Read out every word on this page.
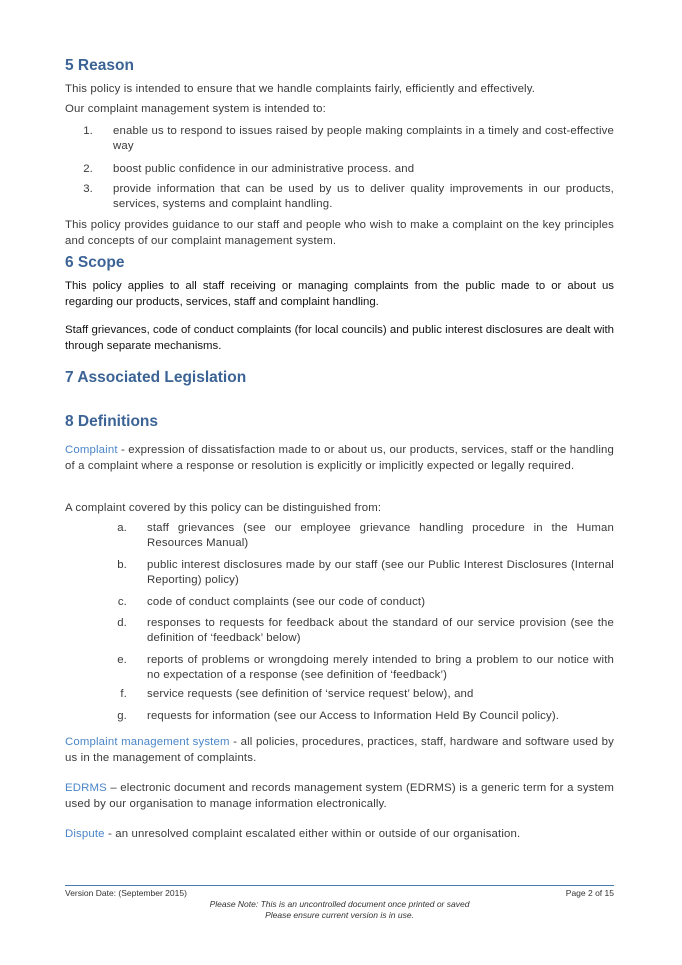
5 Reason
This policy is intended to ensure that we handle complaints fairly, efficiently and effectively.
Our complaint management system is intended to:
1. enable us to respond to issues raised by people making complaints in a timely and cost-effective way
2. boost public confidence in our administrative process. and
3. provide information that can be used by us to deliver quality improvements in our products, services, systems and complaint handling.
This policy provides guidance to our staff and people who wish to make a complaint on the key principles and concepts of our complaint management system.
6 Scope
This policy applies to all staff receiving or managing complaints from the public made to or about us regarding our products, services, staff and complaint handling.
Staff grievances, code of conduct complaints (for local councils) and public interest disclosures are dealt with through separate mechanisms.
7 Associated Legislation
8 Definitions
Complaint - expression of dissatisfaction made to or about us, our products, services, staff or the handling of a complaint where a response or resolution is explicitly or implicitly expected or legally required.
A complaint covered by this policy can be distinguished from:
a. staff grievances (see our employee grievance handling procedure in the Human Resources Manual)
b. public interest disclosures made by our staff (see our Public Interest Disclosures (Internal Reporting) policy)
c. code of conduct complaints (see our code of conduct)
d. responses to requests for feedback about the standard of our service provision (see the definition of ‘feedback’ below)
e. reports of problems or wrongdoing merely intended to bring a problem to our notice with no expectation of a response (see definition of ‘feedback’)
f. service requests (see definition of ‘service request’ below), and
g. requests for information (see our Access to Information Held By Council policy).
Complaint management system - all policies, procedures, practices, staff, hardware and software used by us in the management of complaints.
EDRMS – electronic document and records management system (EDRMS) is a generic term for a system used by our organisation to manage information electronically.
Dispute - an unresolved complaint escalated either within or outside of our organisation.
Version Date: (September 2015)	Page 2 of 15
Please Note: This is an uncontrolled document once printed or saved
Please ensure current version is in use.
